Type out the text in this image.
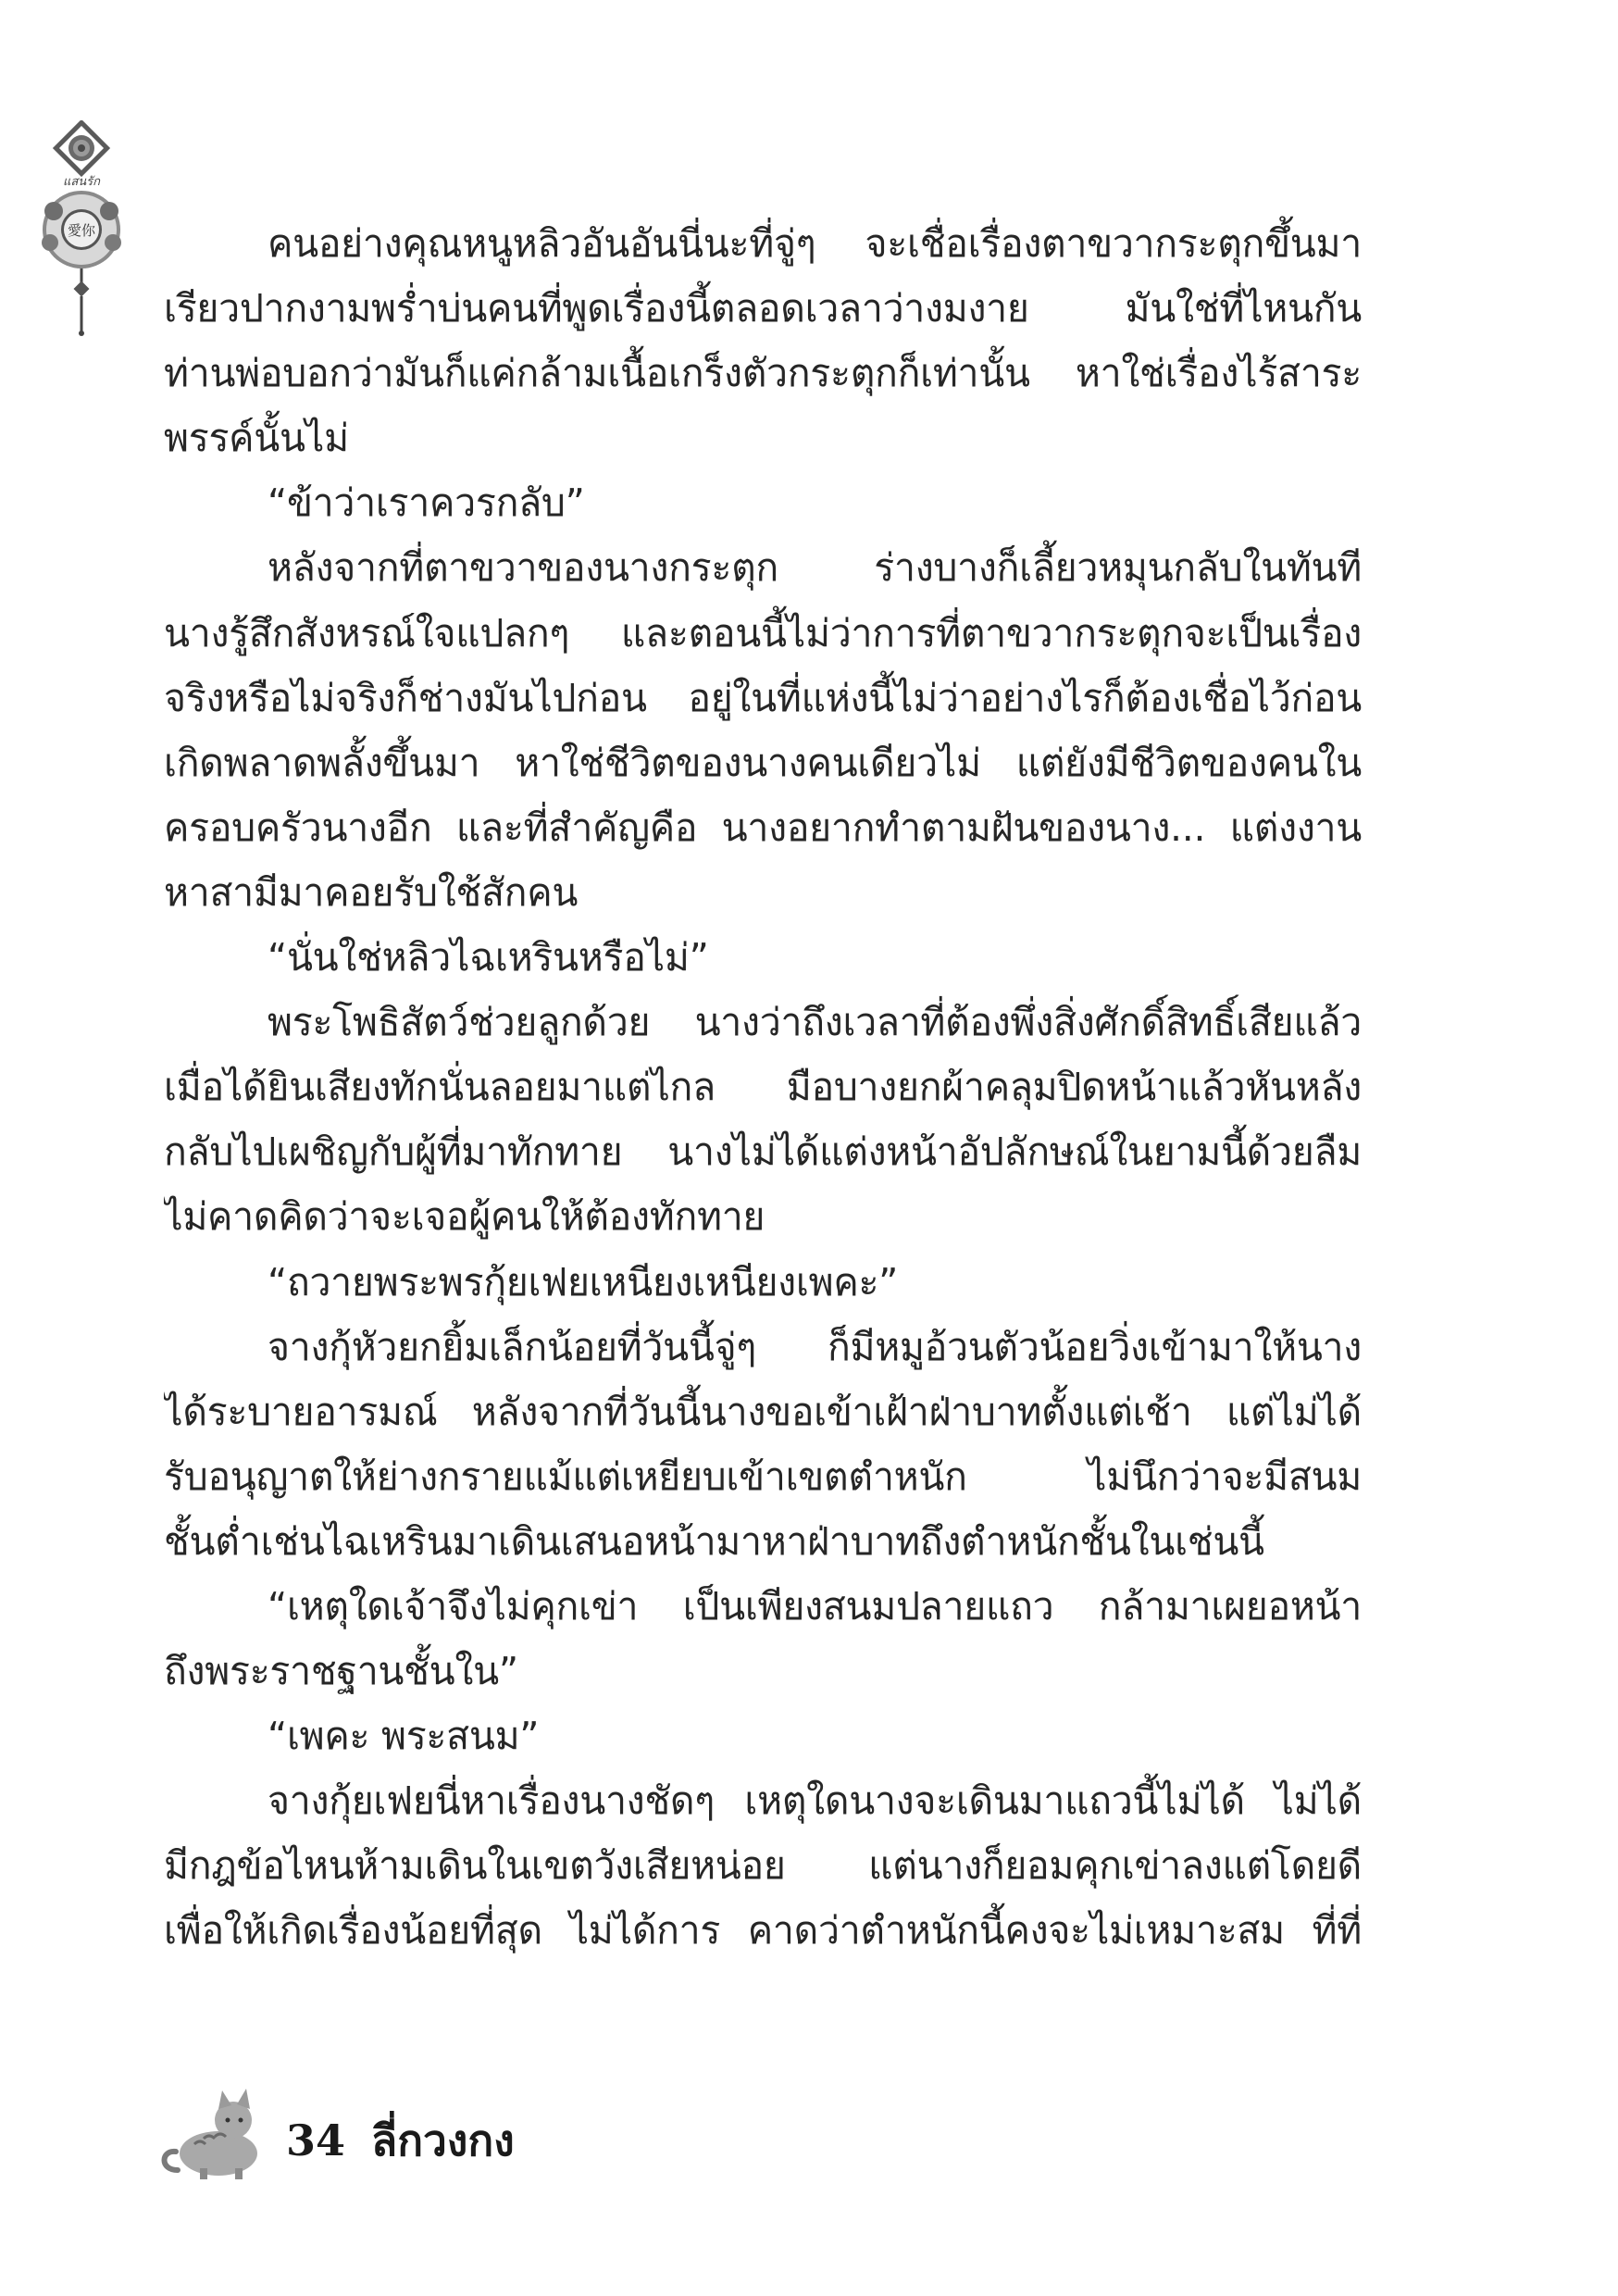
แสนรัก
愛你	คนอย่างคุณหนูหลิวอันอันนี่นะที่จู่ๆ จะเชื่อเรื่องตาขวากระตุกขึ้นมา
เรียวปากงามพร่ำบ่นคนที่พูดเรื่องนี้ตลอดเวลาว่างมงาย มันใช่ที่ไหนกัน
ท่านพ่อบอกว่ามันก็แค่กล้ามเนื้อเกร็งตัวกระตุกก็เท่านั้น หาใช่เรื่องไร้สาระ
พรรค์นั้นไม่
“ข้าว่าเราควรกลับ”
หลังจากที่ตาขวาของนางกระตุก ร่างบางก็เลี้ยวหมุนกลับในทันที
นางรู้สึกสังหรณ์ใจแปลกๆ และตอนนี้ไม่ว่าการที่ตาขวากระตุกจะเป็นเรื่อง
จริงหรือไม่จริงก็ช่างมันไปก่อน อยู่ในที่แห่งนี้ไม่ว่าอย่างไรก็ต้องเชื่อไว้ก่อน
เกิดพลาดพลั้งขึ้นมา หาใช่ชีวิตของนางคนเดียวไม่ แต่ยังมีชีวิตของคนใน
ครอบครัวนางอีก และที่สำคัญคือ นางอยากทำตามฝันของนาง... แต่งงาน
หาสามีมาคอยรับใช้สักคน
“นั่นใช่หลิวไฉเหรินหรือไม่”
พระโพธิสัตว์ช่วยลูกด้วย นางว่าถึงเวลาที่ต้องพึ่งสิ่งศักดิ์สิทธิ์เสียแล้ว
เมื่อได้ยินเสียงทักนั่นลอยมาแต่ไกล มือบางยกผ้าคลุมปิดหน้าแล้วหันหลัง
กลับไปเผชิญกับผู้ที่มาทักทาย นางไม่ได้แต่งหน้าอัปลักษณ์ในยามนี้ด้วยลืม
ไม่คาดคิดว่าจะเจอผู้คนให้ต้องทักทาย
“ถวายพระพรกุ้ยเฟยเหนียงเหนียงเพคะ”
จางกุ้หัวยกยิ้มเล็กน้อยที่วันนี้จู่ๆ ก็มีหมูอ้วนตัวน้อยวิ่งเข้ามาให้นาง
ได้ระบายอารมณ์ หลังจากที่วันนี้นางขอเข้าเฝ้าฝ่าบาทตั้งแต่เช้า แต่ไม่ได้
รับอนุญาตให้ย่างกรายแม้แต่เหยียบเข้าเขตตำหนัก ไม่นึกว่าจะมีสนม
ชั้นต่ำเช่นไฉเหรินมาเดินเสนอหน้ามาหาฝ่าบาทถึงตำหนักชั้นในเช่นนี้
“เหตุใดเจ้าจึงไม่คุกเข่า เป็นเพียงสนมปลายแถว กล้ามาเผยอหน้า
ถึงพระราชฐานชั้นใน”
“เพคะ พระสนม”
จางกุ้ยเฟยนี่หาเรื่องนางชัดๆ เหตุใดนางจะเดินมาแถวนี้ไม่ได้ ไม่ได้
มีกฎข้อไหนห้ามเดินในเขตวังเสียหน่อย แต่นางก็ยอมคุกเข่าลงแต่โดยดี
เพื่อให้เกิดเรื่องน้อยที่สุด ไม่ได้การ คาดว่าตำหนักนี้คงจะไม่เหมาะสม ที่ที่
34 ลี่กวงกง
